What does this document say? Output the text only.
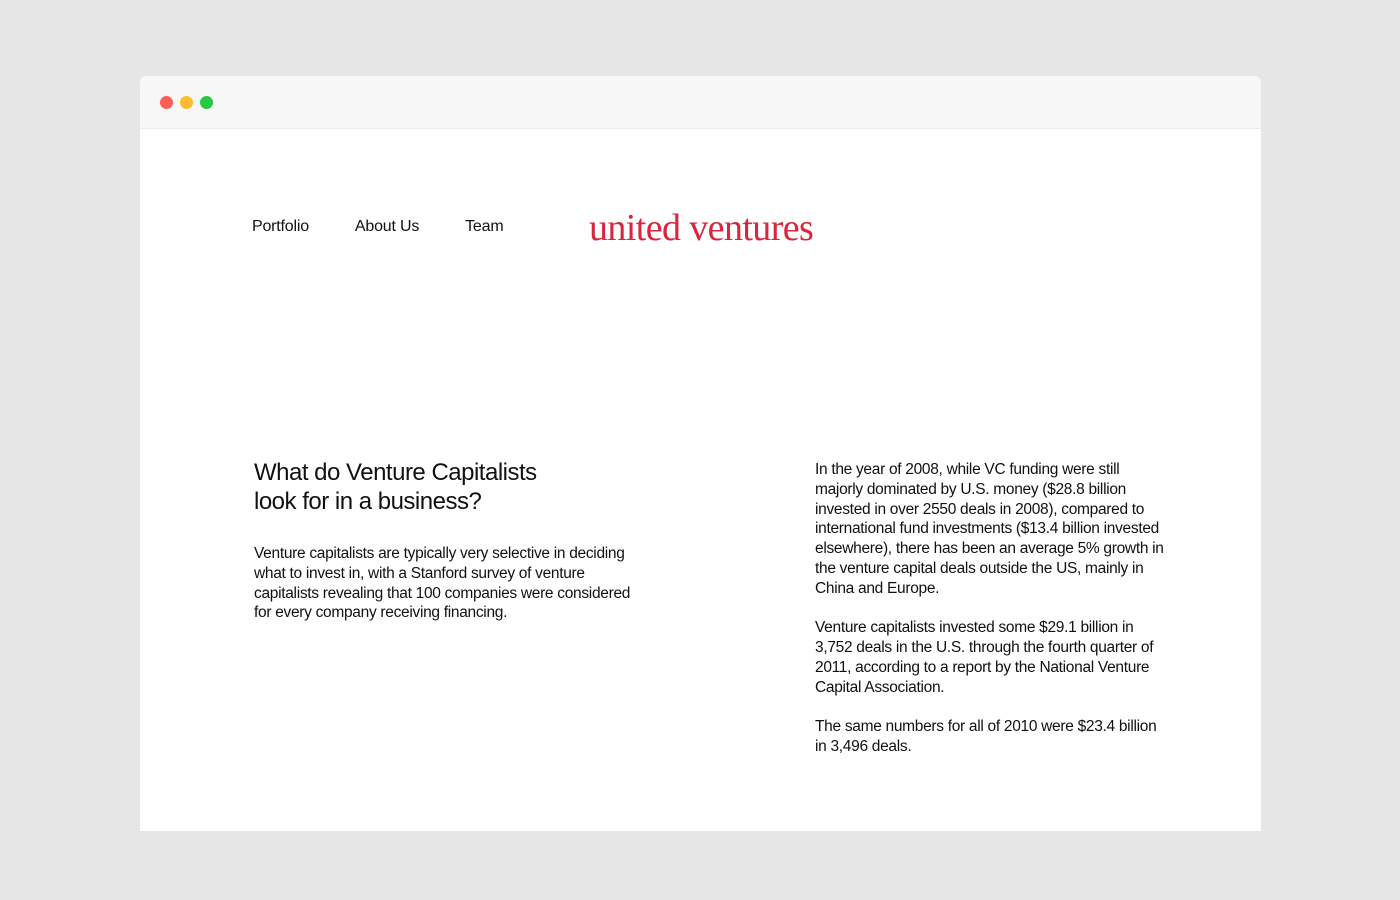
Portfolio	About Us	Team united ventures
What do Venture Capitalists
look for in a business?

Venture capitalists are typically very selective in deciding what to invest in, with a Stanford survey of venture capitalists revealing that 100 companies were considered for every company receiving financing.

In the year of 2008, while VC funding were still majorly dominated by U.S. money ($28.8 billion invested in over 2550 deals in 2008), compared to international fund investments ($13.4 billion invested elsewhere), there has been an average 5% growth in the venture capital deals outside the US, mainly in China and Europe.

Venture capitalists invested some $29.1 billion in 3,752 deals in the U.S. through the fourth quarter of 2011, according to a report by the National Venture Capital Association.

The same numbers for all of 2010 were $23.4 billion in 3,496 deals.
